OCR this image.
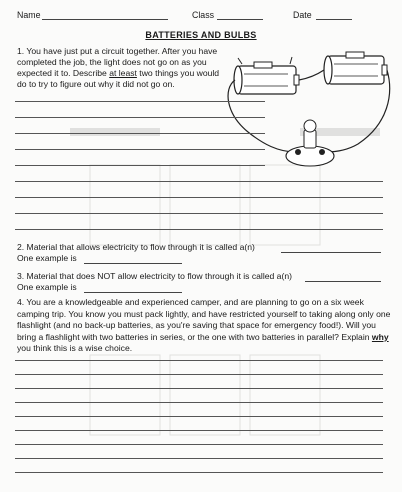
Name	Class	Date
BATTERIES AND BULBS

1. You have just put a circuit together. After you have

completed the job, the light does not go on as you

expected it to. Describe at least two things you would

do to try to figure out why it did not go on.

2. Material that allows electricity to flow through it is called a(n)
One example is
3. Material that does NOT allow electricity to flow through it is called a(n)
One example is

4. You are a knowledgeable and experienced camper, and are planning to go on a six week

camping trip. You know you must pack lightly, and have restricted yourself to taking along only one

flashlight (and no back-up batteries, as you're saving that space for emergency food!). Will you

bring a flashlight with two batteries in series, or the one with two batteries in parallel? Explain why

you think this is a wise choice.
